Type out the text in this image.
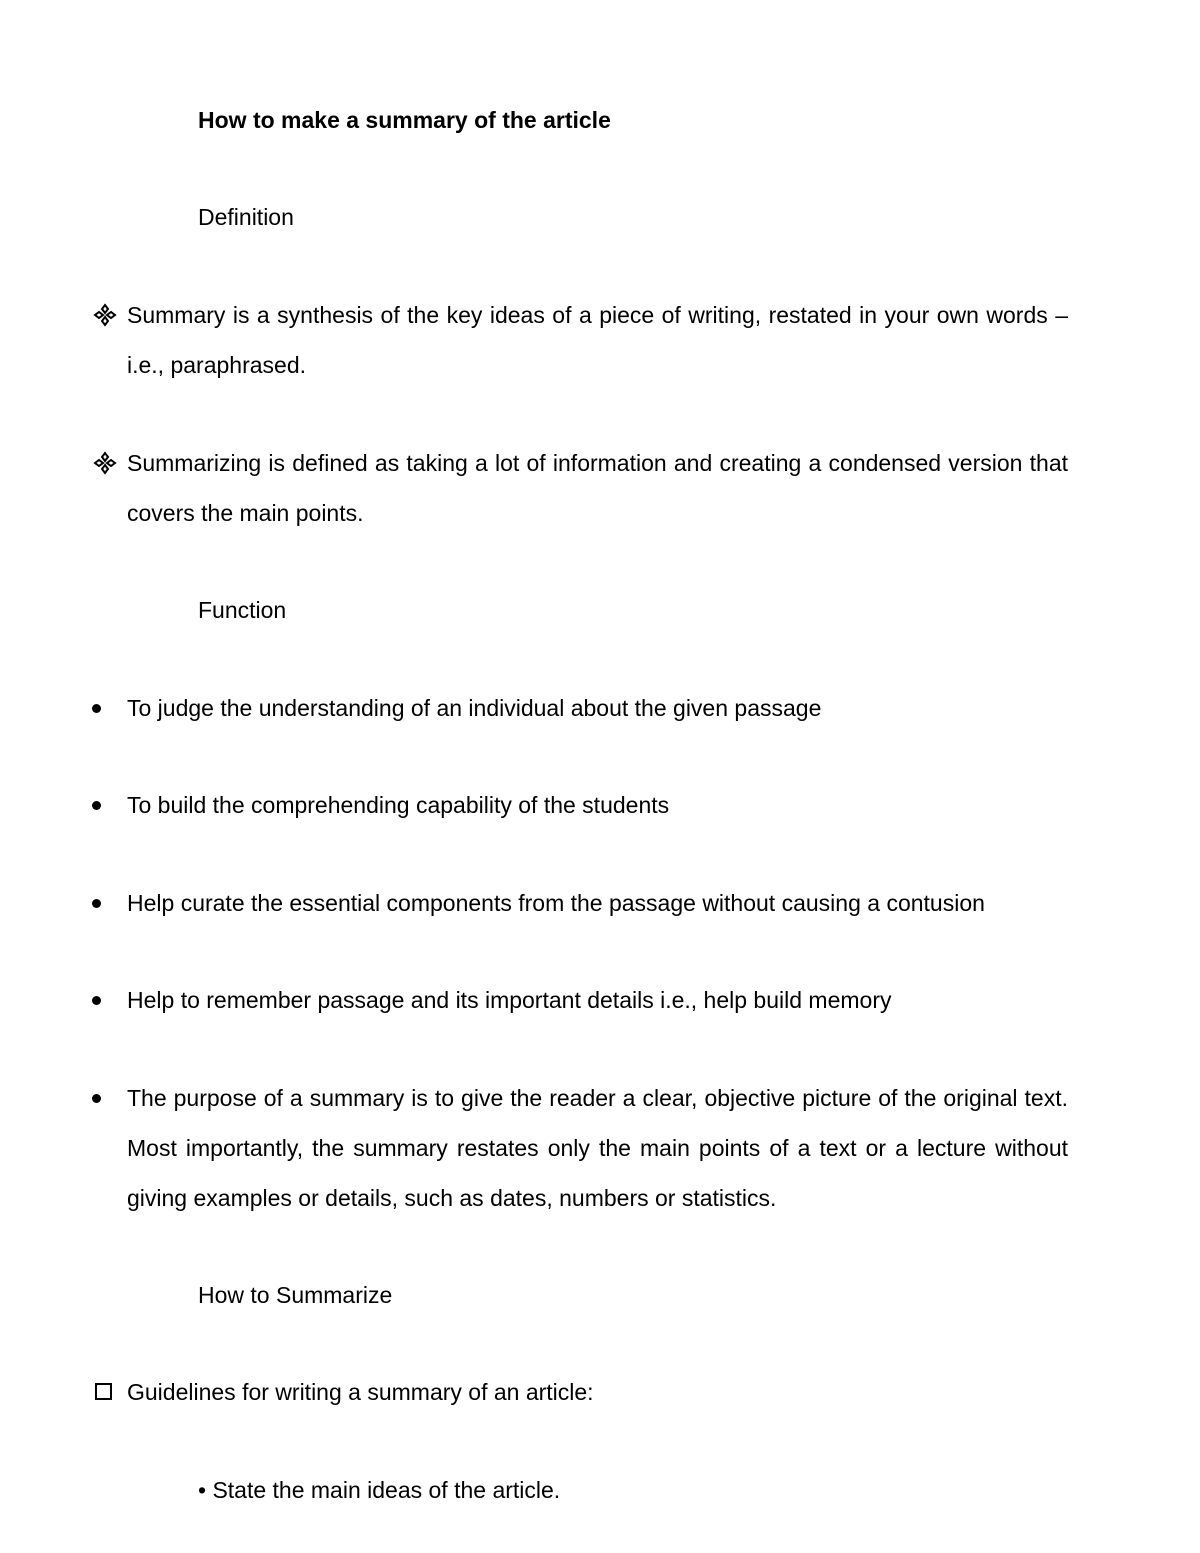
How to make a summary of the article
Definition
Summary is a synthesis of the key ideas of a piece of writing, restated in your own words – i.e., paraphrased.
Summarizing is defined as taking a lot of information and creating a condensed version that covers the main points.
Function
To judge the understanding of an individual about the given passage
To build the comprehending capability of the students
Help curate the essential components from the passage without causing a contusion
Help to remember passage and its important details i.e., help build memory
The purpose of a summary is to give the reader a clear, objective picture of the original text. Most importantly, the summary restates only the main points of a text or a lecture without giving examples or details, such as dates, numbers or statistics.
How to Summarize
Guidelines for writing a summary of an article:
• State the main ideas of the article.
